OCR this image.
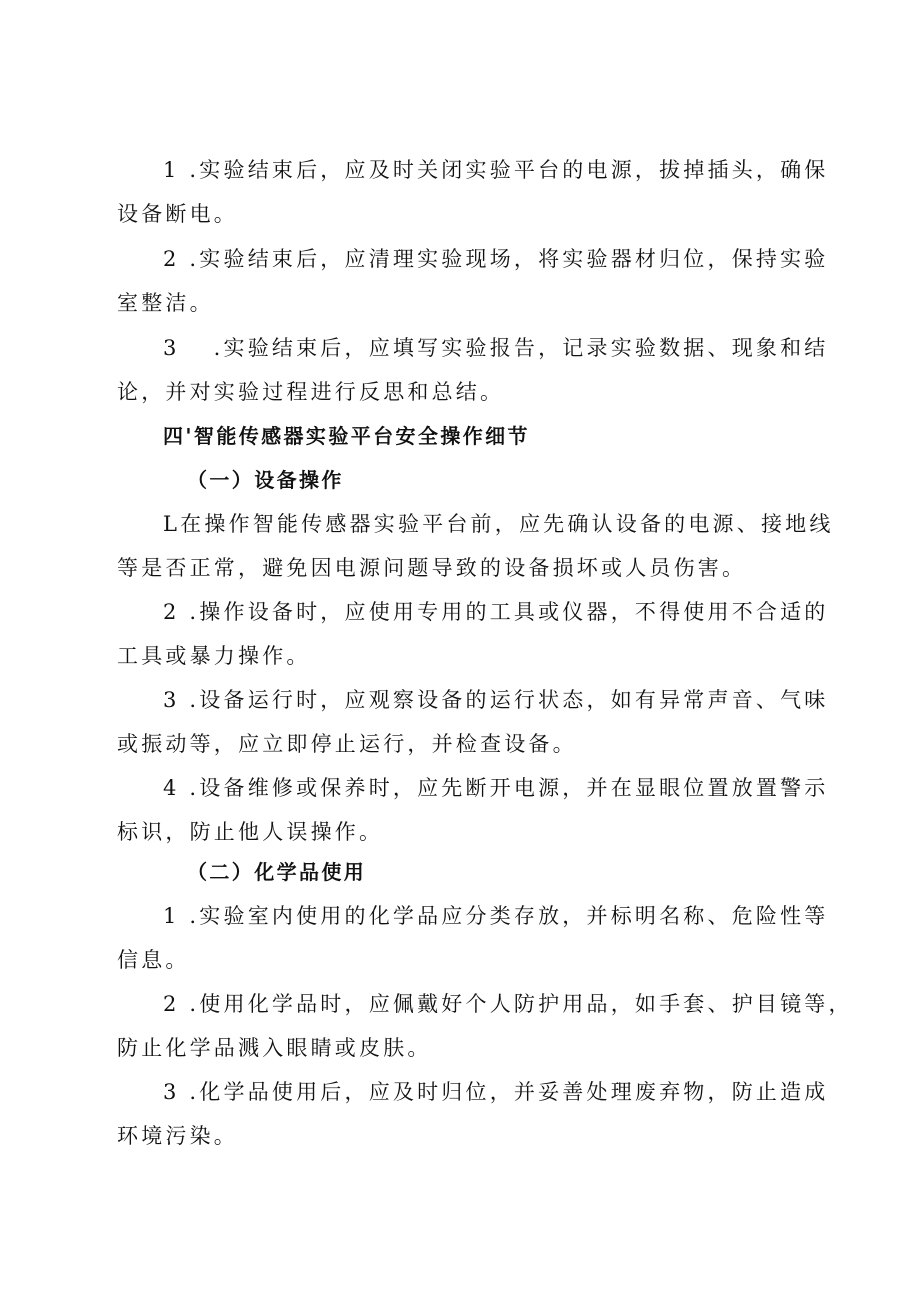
1 .实验结束后，应及时关闭实验平台的电源，拔掉插头，确保
设备断电。
2 .实验结束后，应清理实验现场，将实验器材归位，保持实验
室整洁。
3　 .实验结束后，应填写实验报告，记录实验数据、现象和结
论，并对实验过程进行反思和总结。
四'智能传感器实验平台安全操作细节
（一）设备操作
L在操作智能传感器实验平台前，应先确认设备的电源、接地线
等是否正常，避免因电源问题导致的设备损坏或人员伤害。
2 .操作设备时，应使用专用的工具或仪器，不得使用不合适的
工具或暴力操作。
3 .设备运行时，应观察设备的运行状态，如有异常声音、气味
或振动等，应立即停止运行，并检查设备。
4 .设备维修或保养时，应先断开电源，并在显眼位置放置警示
标识，防止他人误操作。
（二）化学品使用
1 .实验室内使用的化学品应分类存放，并标明名称、危险性等
信息。
2 .使用化学品时，应佩戴好个人防护用品，如手套、护目镜等，
防止化学品溅入眼睛或皮肤。
3 .化学品使用后，应及时归位，并妥善处理废弃物，防止造成
环境污染。
